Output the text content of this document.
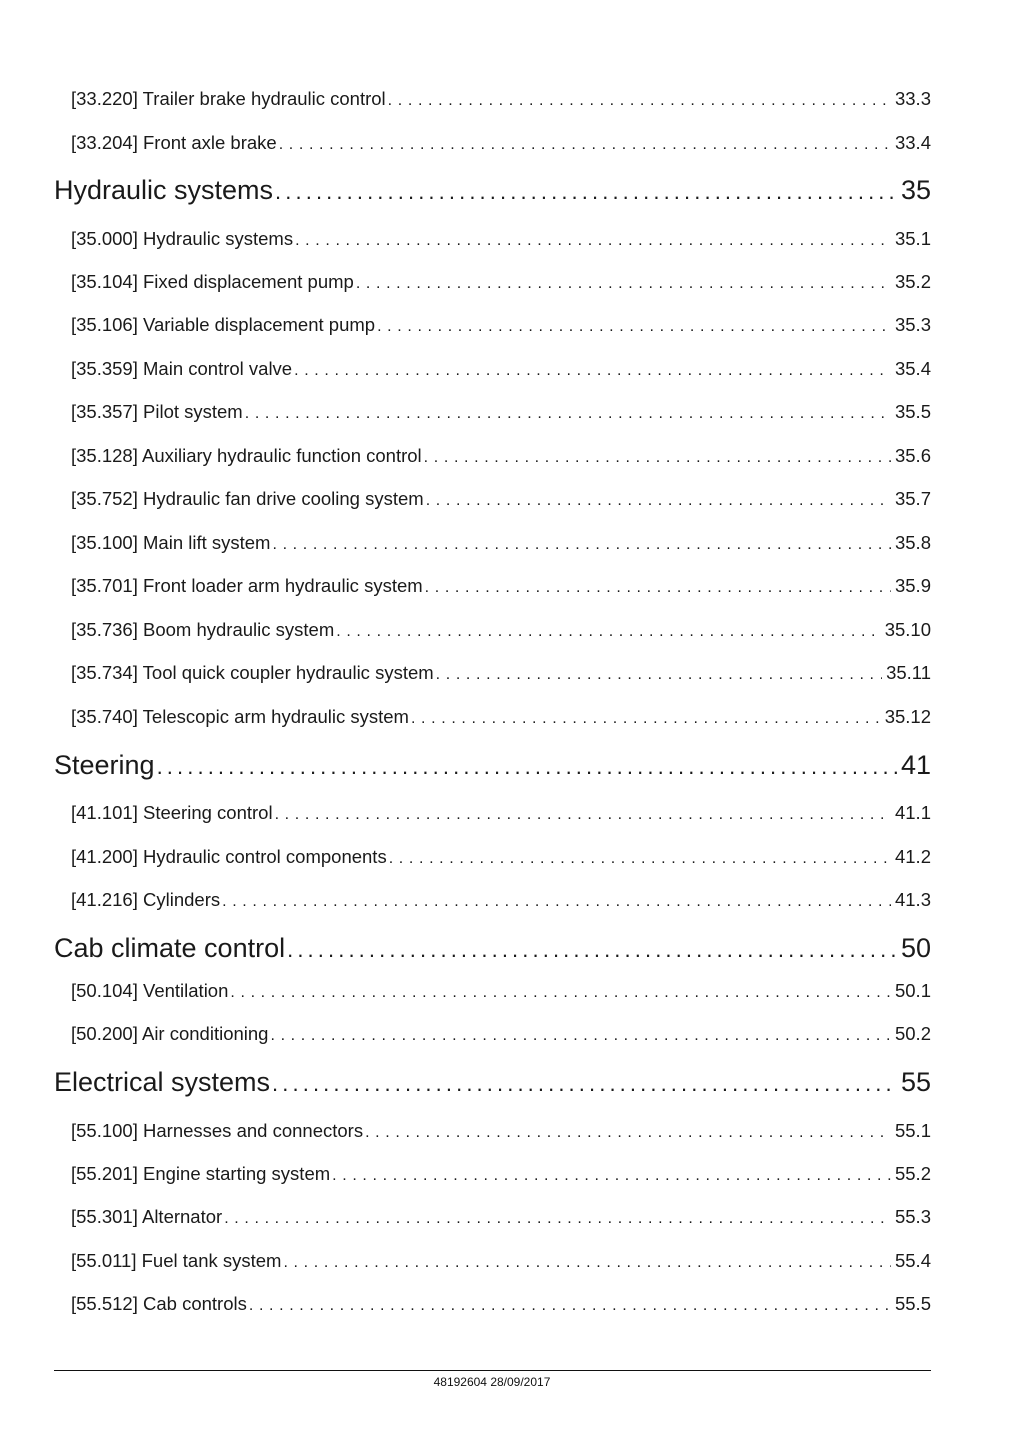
[33.220] Trailer brake hydraulic control . . .	33.3
[33.204] Front axle brake . . .	33.4
Hydraulic systems . . .	35
[35.000] Hydraulic systems . . .	35.1
[35.104] Fixed displacement pump . . .	35.2
[35.106] Variable displacement pump . . .	35.3
[35.359] Main control valve . . .	35.4
[35.357] Pilot system . . .	35.5
[35.128] Auxiliary hydraulic function control . . .	35.6
[35.752] Hydraulic fan drive cooling system . . .	35.7
[35.100] Main lift system . . .	35.8
[35.701] Front loader arm hydraulic system . . .	35.9
[35.736] Boom hydraulic system . . .	35.10
[35.734] Tool quick coupler hydraulic system . . .	35.11
[35.740] Telescopic arm hydraulic system . . .	35.12
Steering . . .	41
[41.101] Steering control . . .	41.1
[41.200] Hydraulic control components . . .	41.2
[41.216] Cylinders . . .	41.3
Cab climate control . . .	50
[50.104] Ventilation . . .	50.1
[50.200] Air conditioning . . .	50.2
Electrical systems . . .	55
[55.100] Harnesses and connectors . . .	55.1
[55.201] Engine starting system . . .	55.2
[55.301] Alternator . . .	55.3
[55.011] Fuel tank system . . .	55.4
[55.512] Cab controls . . .	55.5
48192604 28/09/2017
